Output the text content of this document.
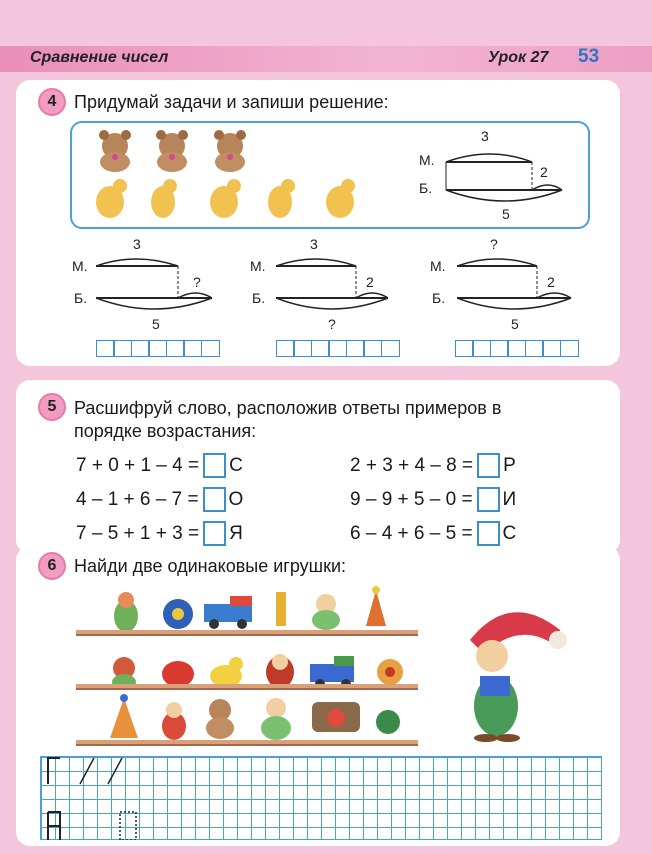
Сравнение чисел	Урок 27 53
4 Придумай задачи и запиши решение:
М.
Б.
3
2
5
М.
Б.
3
?
5
М.
Б.
3
2
?
М.
Б.
?
2
5
5 Расшифруй слово, расположив ответы примеров в
порядке возрастания:
7 + 0 + 1 – 4 = С
4 – 1 + 6 – 7 = О
7 – 5 + 1 + 3 = Я
2 + 3 + 4 – 8 = Р
9 – 9 + 5 – 0 = И
6 – 4 + 6 – 5 = С
6 Найди две одинаковые игрушки:
